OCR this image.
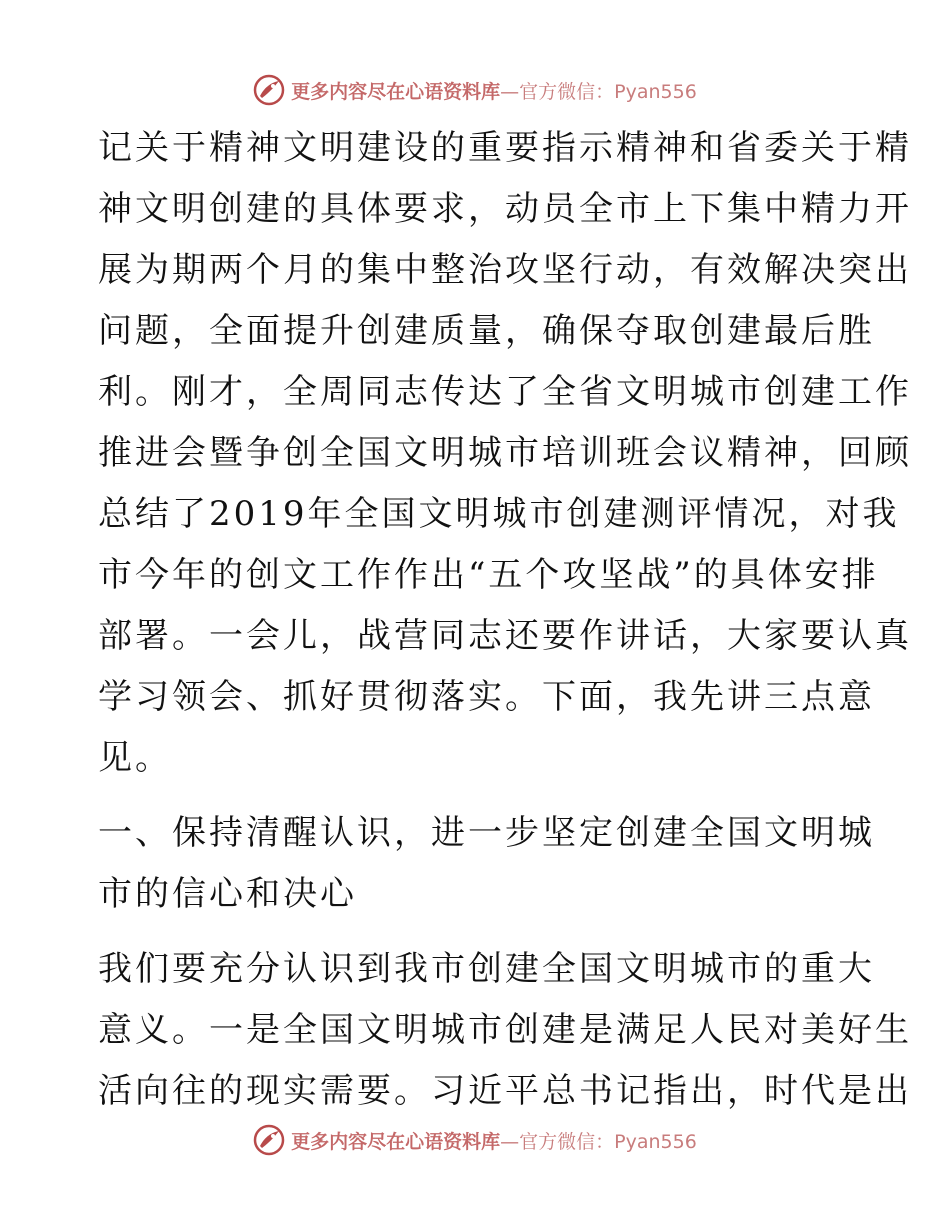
更多内容尽在心语资料库—官方微信：Pyan556
记关于精神文明建设的重要指示精神和省委关于精
神文明创建的具体要求，动员全市上下集中精力开
展为期两个月的集中整治攻坚行动，有效解决突出
问题，全面提升创建质量，确保夺取创建最后胜
利。刚才，全周同志传达了全省文明城市创建工作
推进会暨争创全国文明城市培训班会议精神，回顾
总结了2019年全国文明城市创建测评情况，对我
市今年的创文工作作出“五个攻坚战”的具体安排
部署。一会儿，战营同志还要作讲话，大家要认真
学习领会、抓好贯彻落实。下面，我先讲三点意
见。
一、保持清醒认识，进一步坚定创建全国文明城
市的信心和决心
我们要充分认识到我市创建全国文明城市的重大
意义。一是全国文明城市创建是满足人民对美好生
活向往的现实需要。习近平总书记指出，时代是出
更多内容尽在心语资料库—官方微信：Pyan556
